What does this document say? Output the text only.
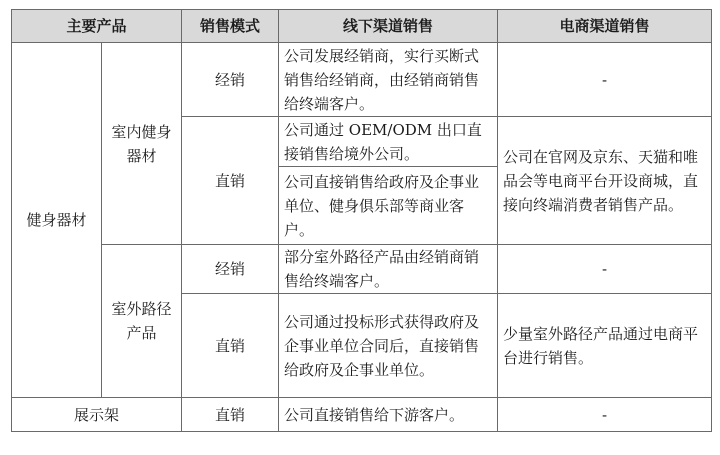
主要产品		销售模式	线下渠道销售	电商渠道销售
健身器材	室内健身器材	经销	公司发展经销商，实行买断式销售给经销商，由经销商销售给终端客户。	-
		直销	公司通过 OEM/ODM 出口直接销售给境外公司。	公司在官网及京东、天猫和唯品会等电商平台开设商城，直接向终端消费者销售产品。
			公司直接销售给政府及企事业单位、健身俱乐部等商业客户。	
	室外路径产品	经销	部分室外路径产品由经销商销售给终端客户。	-
		直销	公司通过投标形式获得政府及企事业单位合同后，直接销售给政府及企事业单位。	少量室外路径产品通过电商平台进行销售。
展示架		直销	公司直接销售给下游客户。	-
